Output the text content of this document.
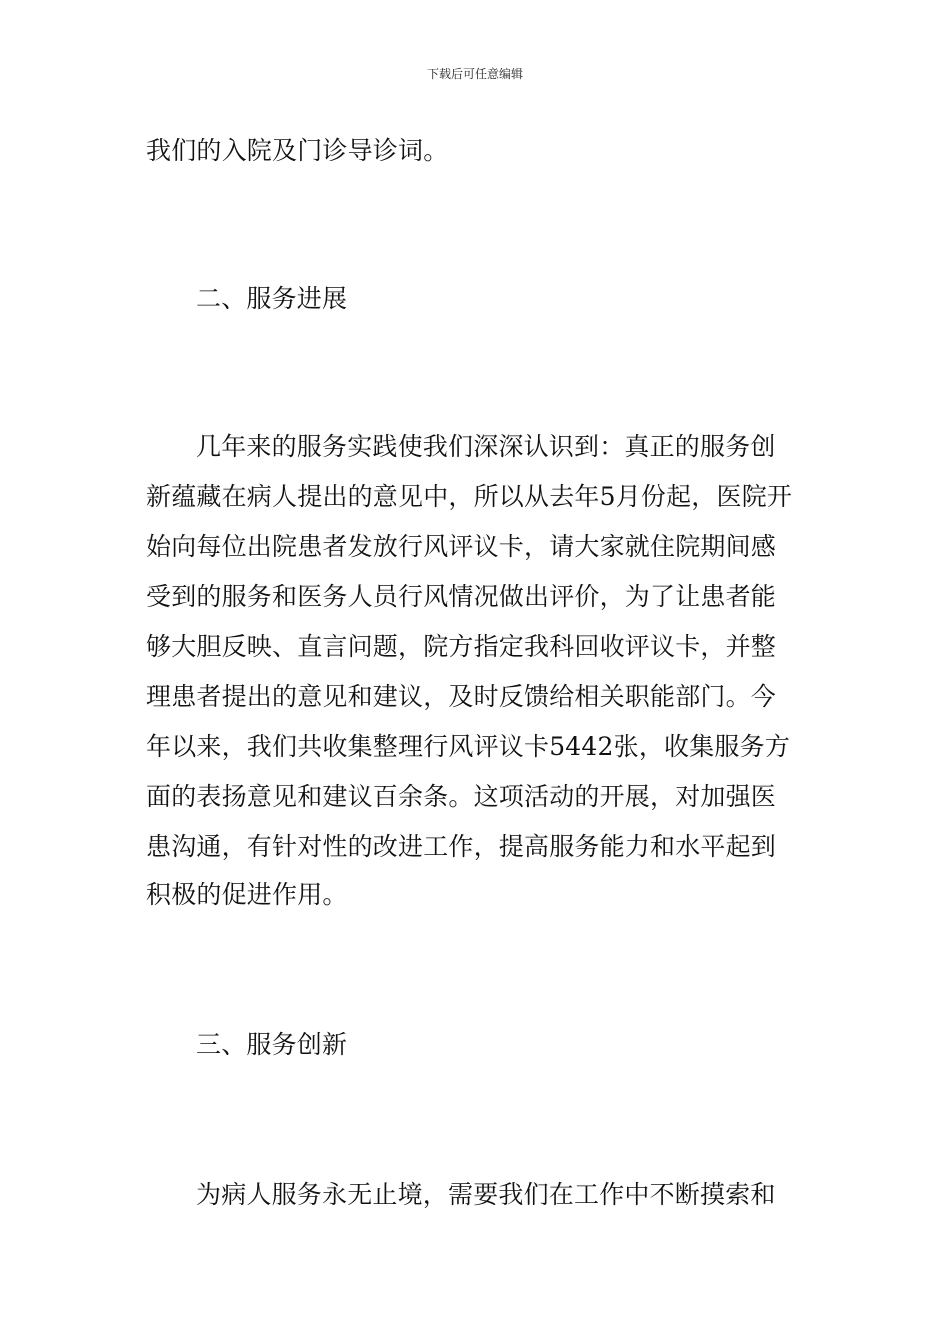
下载后可任意编辑
我们的入院及门诊导诊词。
二、服务进展
几年来的服务实践使我们深深认识到：真正的服务创
新蕴藏在病人提出的意见中，所以从去年5月份起，医院开
始向每位出院患者发放行风评议卡，请大家就住院期间感
受到的服务和医务人员行风情况做出评价，为了让患者能
够大胆反映、直言问题，院方指定我科回收评议卡，并整
理患者提出的意见和建议，及时反馈给相关职能部门。今
年以来，我们共收集整理行风评议卡5442张，收集服务方
面的表扬意见和建议百余条。这项活动的开展，对加强医
患沟通，有针对性的改进工作，提高服务能力和水平起到
积极的促进作用。
三、服务创新
为病人服务永无止境，需要我们在工作中不断摸索和
